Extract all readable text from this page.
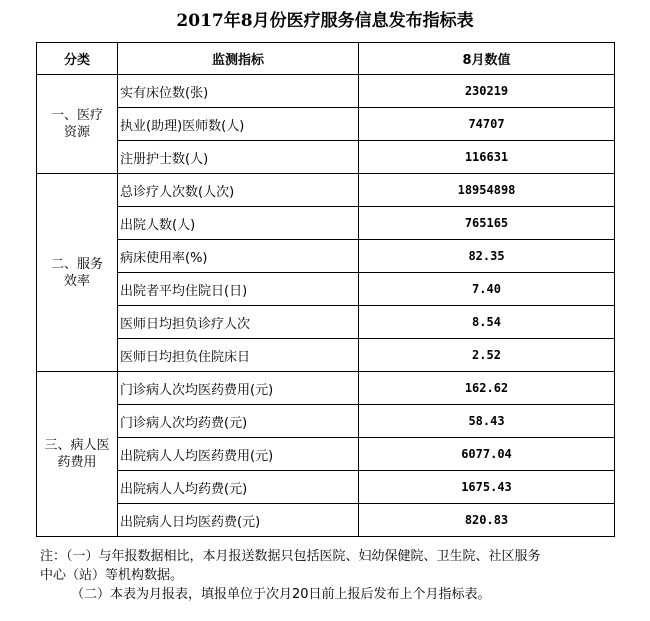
2017年8月份医疗服务信息发布指标表
分类	监测指标	8月数值

一、医疗
资源	实有床位数(张)	230219
	执业(助理)医师数(人)	74707
	注册护士数(人)	116631

二、服务
效率	总诊疗人次数(人次)	18954898
	出院人数(人)	765165
	病床使用率(%)	82.35
	出院者平均住院日(日)	7.40
	医师日均担负诊疗人次	8.54
	医师日均担负住院床日	2.52

三、病人医
药费用	门诊病人次均医药费用(元)	162.62
	门诊病人次均药费(元)	58.43
	出院病人人均医药费用(元)	6077.04
	出院病人人均药费(元)	1675.43
	出院病人日均医药费(元)	820.83

注：（一）与年报数据相比，本月报送数据只包括医院、妇幼保健院、卫生院、社区服务

中心（站）等机构数据。

（二）本表为月报表，填报单位于次月20日前上报后发布上个月指标表。
